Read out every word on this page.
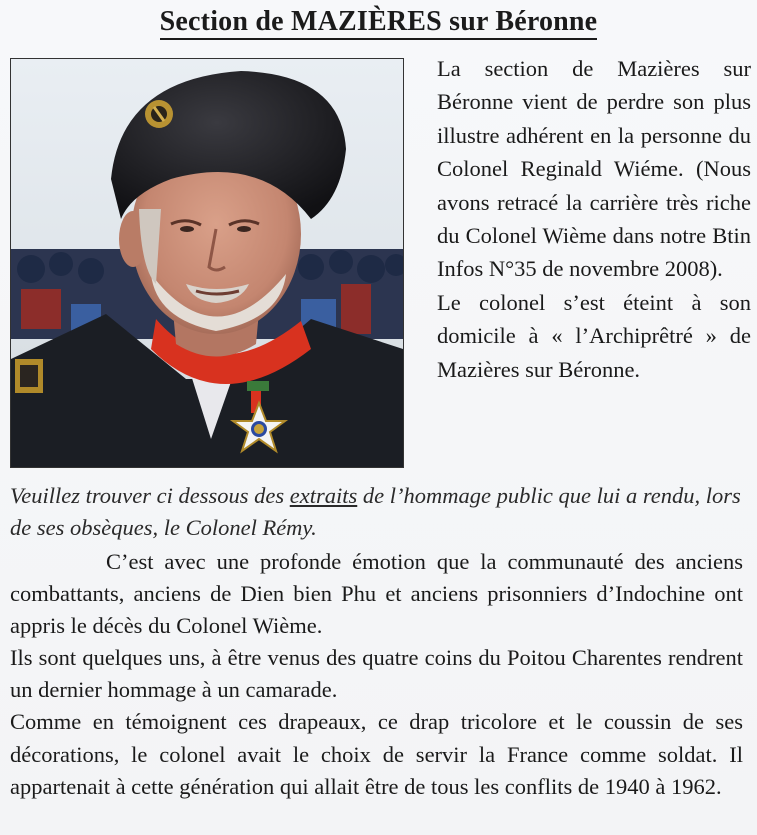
Section de MAZIÈRES sur Béronne

La section de Mazières sur Béronne vient de perdre son plus illustre adhérent en la personne du Colonel Reginald Wiéme. (Nous avons retracé la carrière très riche du Colonel Wième dans notre Btin Infos N°35 de novembre 2008).

Le colonel s’est éteint à son domicile à « l’Archiprêtré » de Mazières sur Béronne.

Veuillez trouver ci dessous des extraits de l’hommage public que lui a rendu, lors de ses obsèques, le Colonel Rémy.

C’est avec une profonde émotion que la communauté des anciens combattants, anciens de Dien bien Phu et anciens prisonniers d’Indochine ont appris le décès du Colonel Wième.

Ils sont quelques uns, à être venus des quatre coins du Poitou Charentes rendrent un dernier hommage à un camarade.

Comme en témoignent ces drapeaux, ce drap tricolore et le coussin de ses décorations, le colonel avait le choix de servir la France comme soldat. Il appartenait à cette génération qui allait être de tous les conflits de 1940 à 1962.
